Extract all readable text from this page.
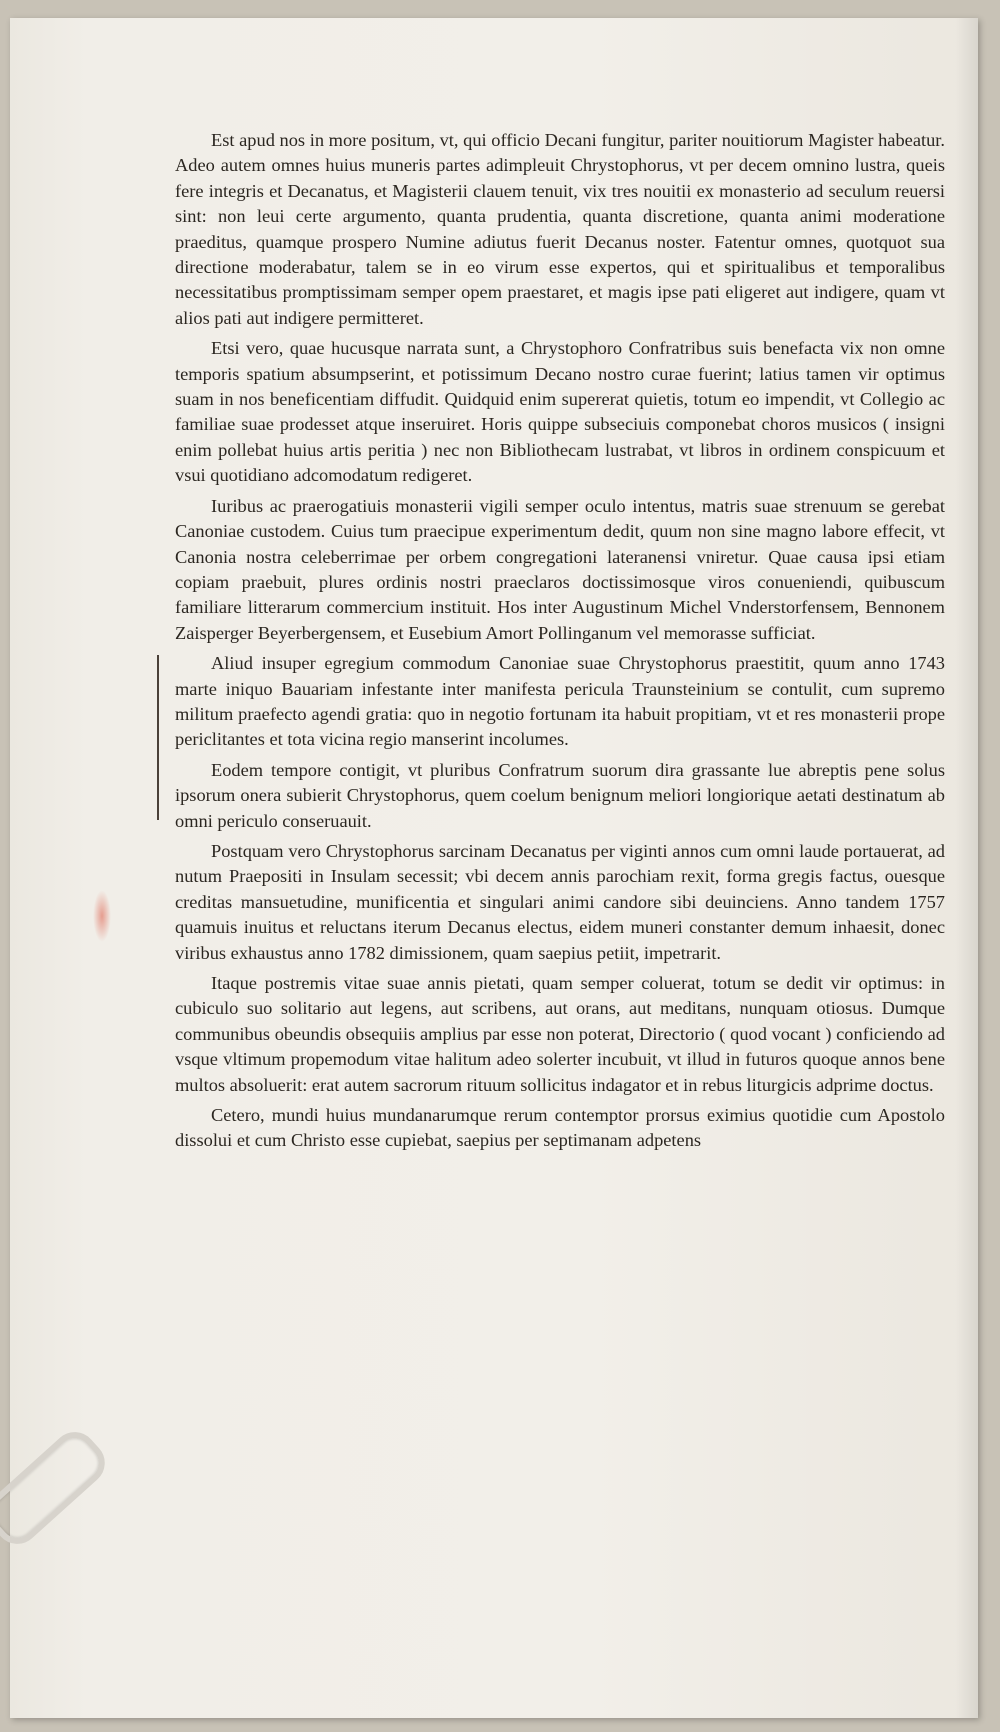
Est apud nos in more positum, vt, qui officio Decani fungitur, pariter nouitiorum Magister habeatur. Adeo autem omnes huius muneris partes adimpleuit Chrystophorus, vt per decem omnino lustra, queis fere integris et Decanatus, et Magisterii clauem tenuit, vix tres nouitii ex monasterio ad seculum reuersi sint: non leui certe argumento, quanta prudentia, quanta discretione, quanta animi moderatione praeditus, quamque prospero Numine adiutus fuerit Decanus noster. Fatentur omnes, quotquot sua directione moderabatur, talem se in eo virum esse expertos, qui et spiritualibus et temporalibus necessitatibus promptissimam semper opem praestaret, et magis ipse pati eligeret aut indigere, quam vt alios pati aut indigere permitteret.

Etsi vero, quae hucusque narrata sunt, a Chrystophoro Confratribus suis benefacta vix non omne temporis spatium absumpserint, et potissimum Decano nostro curae fuerint; latius tamen vir optimus suam in nos beneficentiam diffudit. Quidquid enim supererat quietis, totum eo impendit, vt Collegio ac familiae suae prodesset atque inseruiret. Horis quippe subseciuis componebat choros musicos ( insigni enim pollebat huius artis peritia ) nec non Bibliothecam lustrabat, vt libros in ordinem conspicuum et vsui quotidiano adcomodatum redigeret.

Iuribus ac praerogatiuis monasterii vigili semper oculo intentus, matris suae strenuum se gerebat Canoniae custodem. Cuius tum praecipue experimentum dedit, quum non sine magno labore effecit, vt Canonia nostra celeberrimae per orbem congregationi lateranensi vniretur. Quae causa ipsi etiam copiam praebuit, plures ordinis nostri praeclaros doctissimosque viros conueniendi, quibuscum familiare litterarum commercium instituit. Hos inter Augustinum Michel Vnderstorfensem, Bennonem Zaisperger Beyerbergensem, et Eusebium Amort Pollinganum vel memorasse sufficiat.

Aliud insuper egregium commodum Canoniae suae Chrystophorus praestitit, quum anno 1743 marte iniquo Bauariam infestante inter manifesta pericula Traunsteinium se contulit, cum supremo militum praefecto agendi gratia: quo in negotio fortunam ita habuit propitiam, vt et res monasterii prope periclitantes et tota vicina regio manserint incolumes.

Eodem tempore contigit, vt pluribus Confratrum suorum dira grassante lue abreptis pene solus ipsorum onera subierit Chrystophorus, quem coelum benignum meliori longiorique aetati destinatum ab omni periculo conseruauit.

Postquam vero Chrystophorus sarcinam Decanatus per viginti annos cum omni laude portauerat, ad nutum Praepositi in Insulam secessit; vbi decem annis parochiam rexit, forma gregis factus, ouesque creditas mansuetudine, munificentia et singulari animi candore sibi deuinciens. Anno tandem 1757 quamuis inuitus et reluctans iterum Decanus electus, eidem muneri constanter demum inhaesit, donec viribus exhaustus anno 1782 dimissionem, quam saepius petiit, impetrarit.

Itaque postremis vitae suae annis pietati, quam semper coluerat, totum se dedit vir optimus: in cubiculo suo solitario aut legens, aut scribens, aut orans, aut meditans, nunquam otiosus. Dumque communibus obeundis obsequiis amplius par esse non poterat, Directorio ( quod vocant ) conficiendo ad vsque vltimum propemodum vitae halitum adeo solerter incubuit, vt illud in futuros quoque annos bene multos absoluerit: erat autem sacrorum rituum sollicitus indagator et in rebus liturgicis adprime doctus.

Cetero, mundi huius mundanarumque rerum contemptor prorsus eximius quotidie cum Apostolo dissolui et cum Christo esse cupiebat, saepius per septimanam adpetens
